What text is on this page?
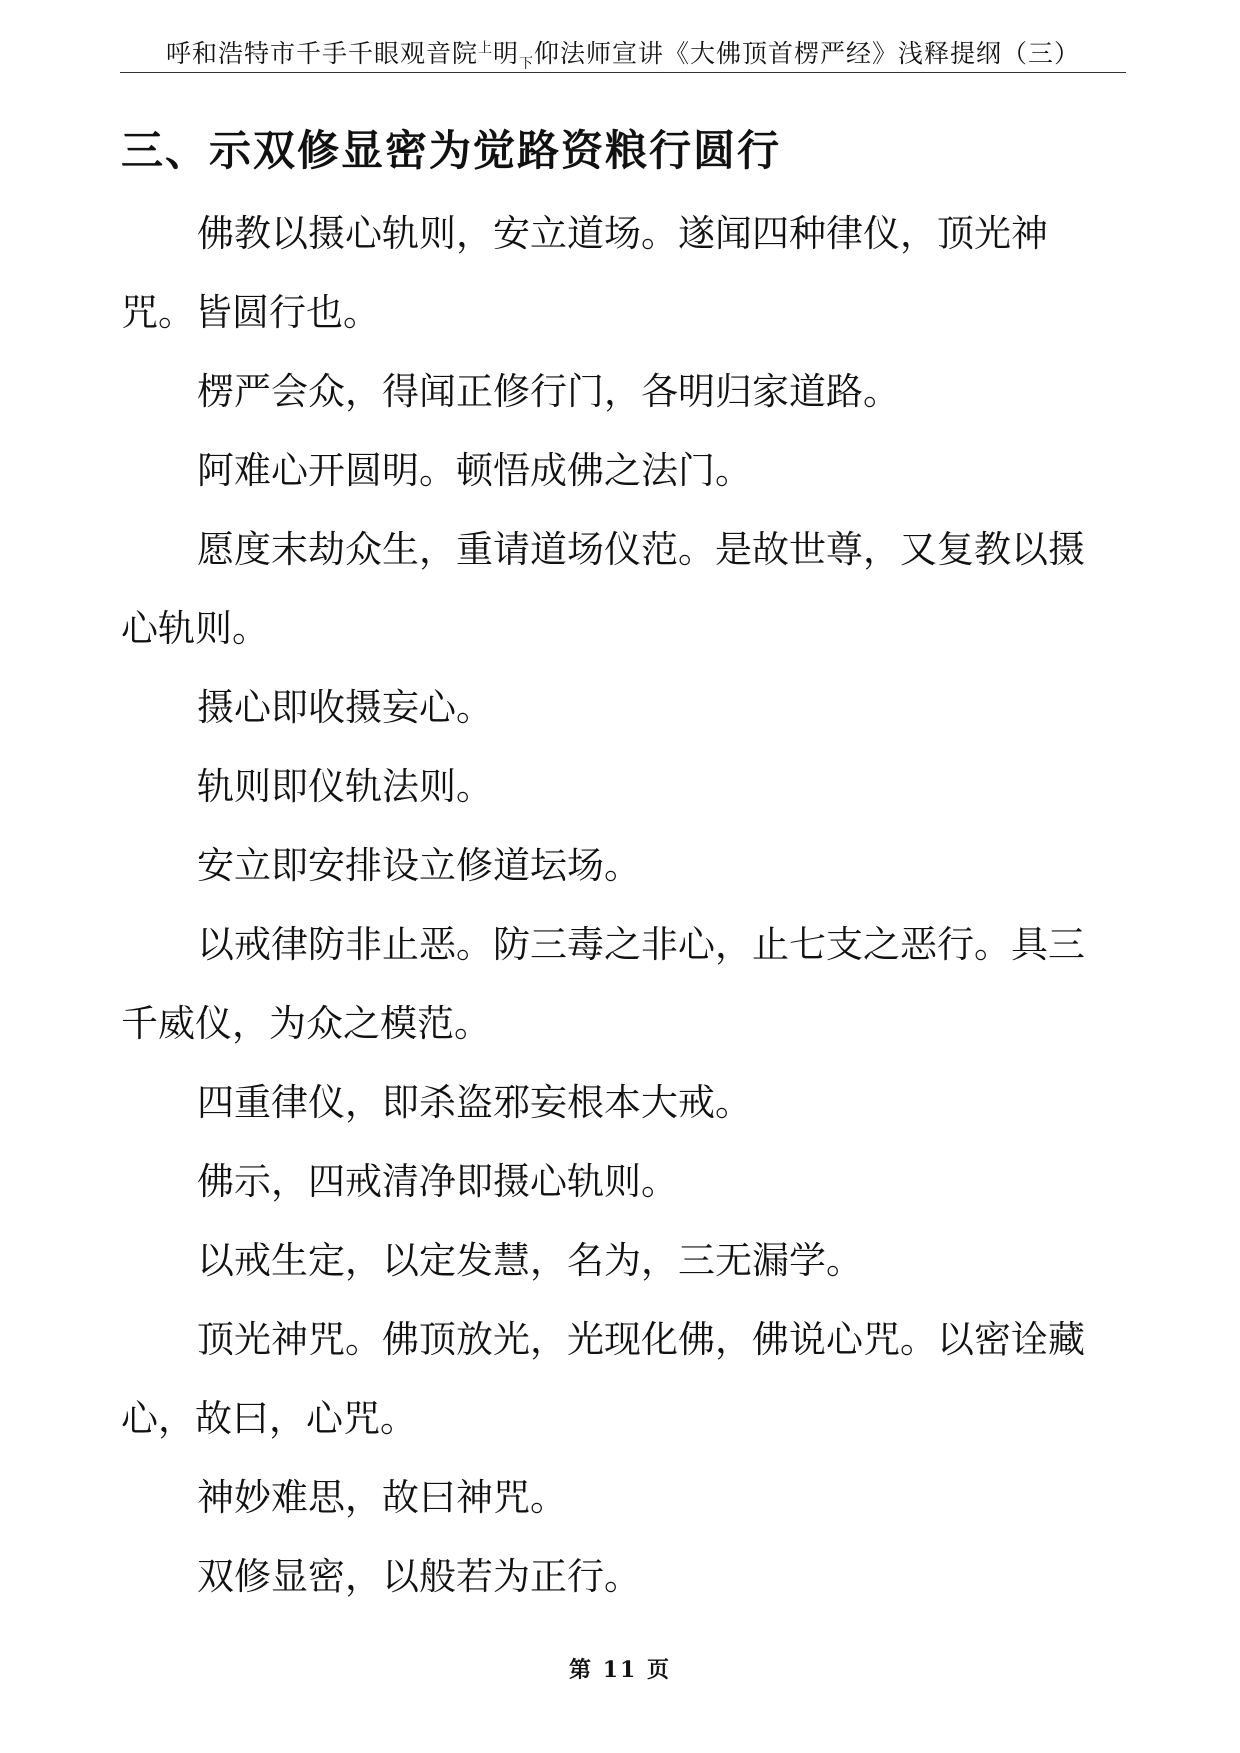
呼和浩特市千手千眼观音院$^上$明$_下$仰法师宣讲《大佛顶首楞严经》浅释提纲（三）
三、示双修显密为觉路资粮行圆行

佛教以摄心轨则，安立道场。遂闻四种律仪，顶光神咒。皆圆行也。

楞严会众，得闻正修行门，各明归家道路。

阿难心开圆明。顿悟成佛之法门。

愿度末劫众生，重请道场仪范。是故世尊，又复教以摄心轨则。

摄心即收摄妄心。

轨则即仪轨法则。

安立即安排设立修道坛场。

以戒律防非止恶。防三毒之非心，止七支之恶行。具三千威仪，为众之模范。

四重律仪，即杀盗邪妄根本大戒。

佛示，四戒清净即摄心轨则。

以戒生定，以定发慧，名为，三无漏学。

顶光神咒。佛顶放光，光现化佛，佛说心咒。以密诠藏心，故曰，心咒。

神妙难思，故曰神咒。

双修显密，以般若为正行。

第 11 页
